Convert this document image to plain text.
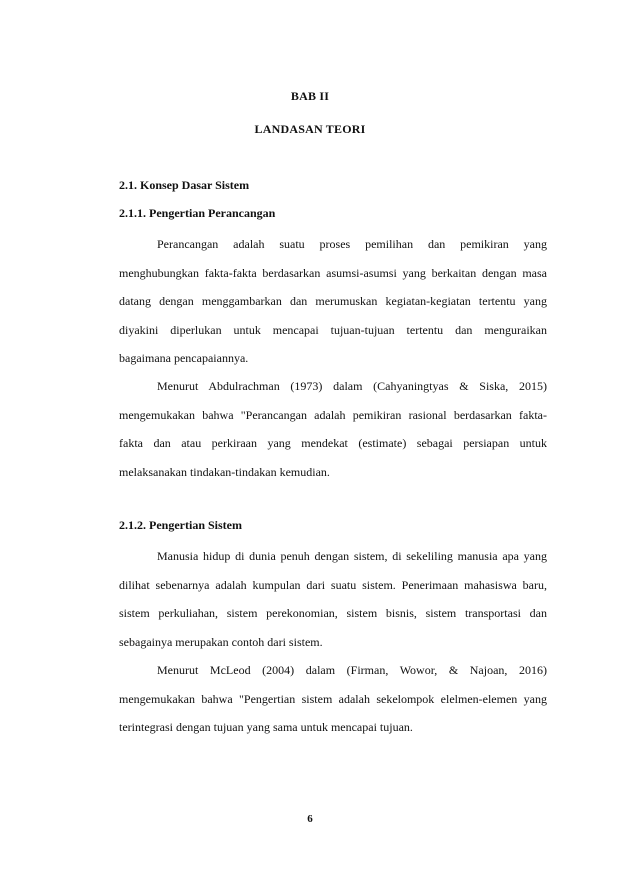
BAB II
LANDASAN TEORI
2.1. Konsep Dasar Sistem
2.1.1. Pengertian Perancangan
Perancangan adalah suatu proses pemilihan dan pemikiran yang
menghubungkan fakta-fakta berdasarkan asumsi-asumsi yang berkaitan dengan masa
datang dengan menggambarkan dan merumuskan kegiatan-kegiatan tertentu yang
diyakini diperlukan untuk mencapai tujuan-tujuan tertentu dan menguraikan
bagaimana pencapaiannya.
Menurut Abdulrachman (1973) dalam (Cahyaningtyas & Siska, 2015)
mengemukakan bahwa "Perancangan adalah pemikiran rasional berdasarkan fakta-
fakta dan atau perkiraan yang mendekat (estimate) sebagai persiapan untuk
melaksanakan tindakan-tindakan kemudian.
2.1.2. Pengertian Sistem
Manusia hidup di dunia penuh dengan sistem, di sekeliling manusia apa yang
dilihat sebenarnya adalah kumpulan dari suatu sistem. Penerimaan mahasiswa baru,
sistem perkuliahan, sistem perekonomian, sistem bisnis, sistem transportasi dan
sebagainya merupakan contoh dari sistem.
Menurut McLeod (2004) dalam (Firman, Wowor, & Najoan, 2016)
mengemukakan bahwa "Pengertian sistem adalah sekelompok elelmen-elemen yang
terintegrasi dengan tujuan yang sama untuk mencapai tujuan.
6
